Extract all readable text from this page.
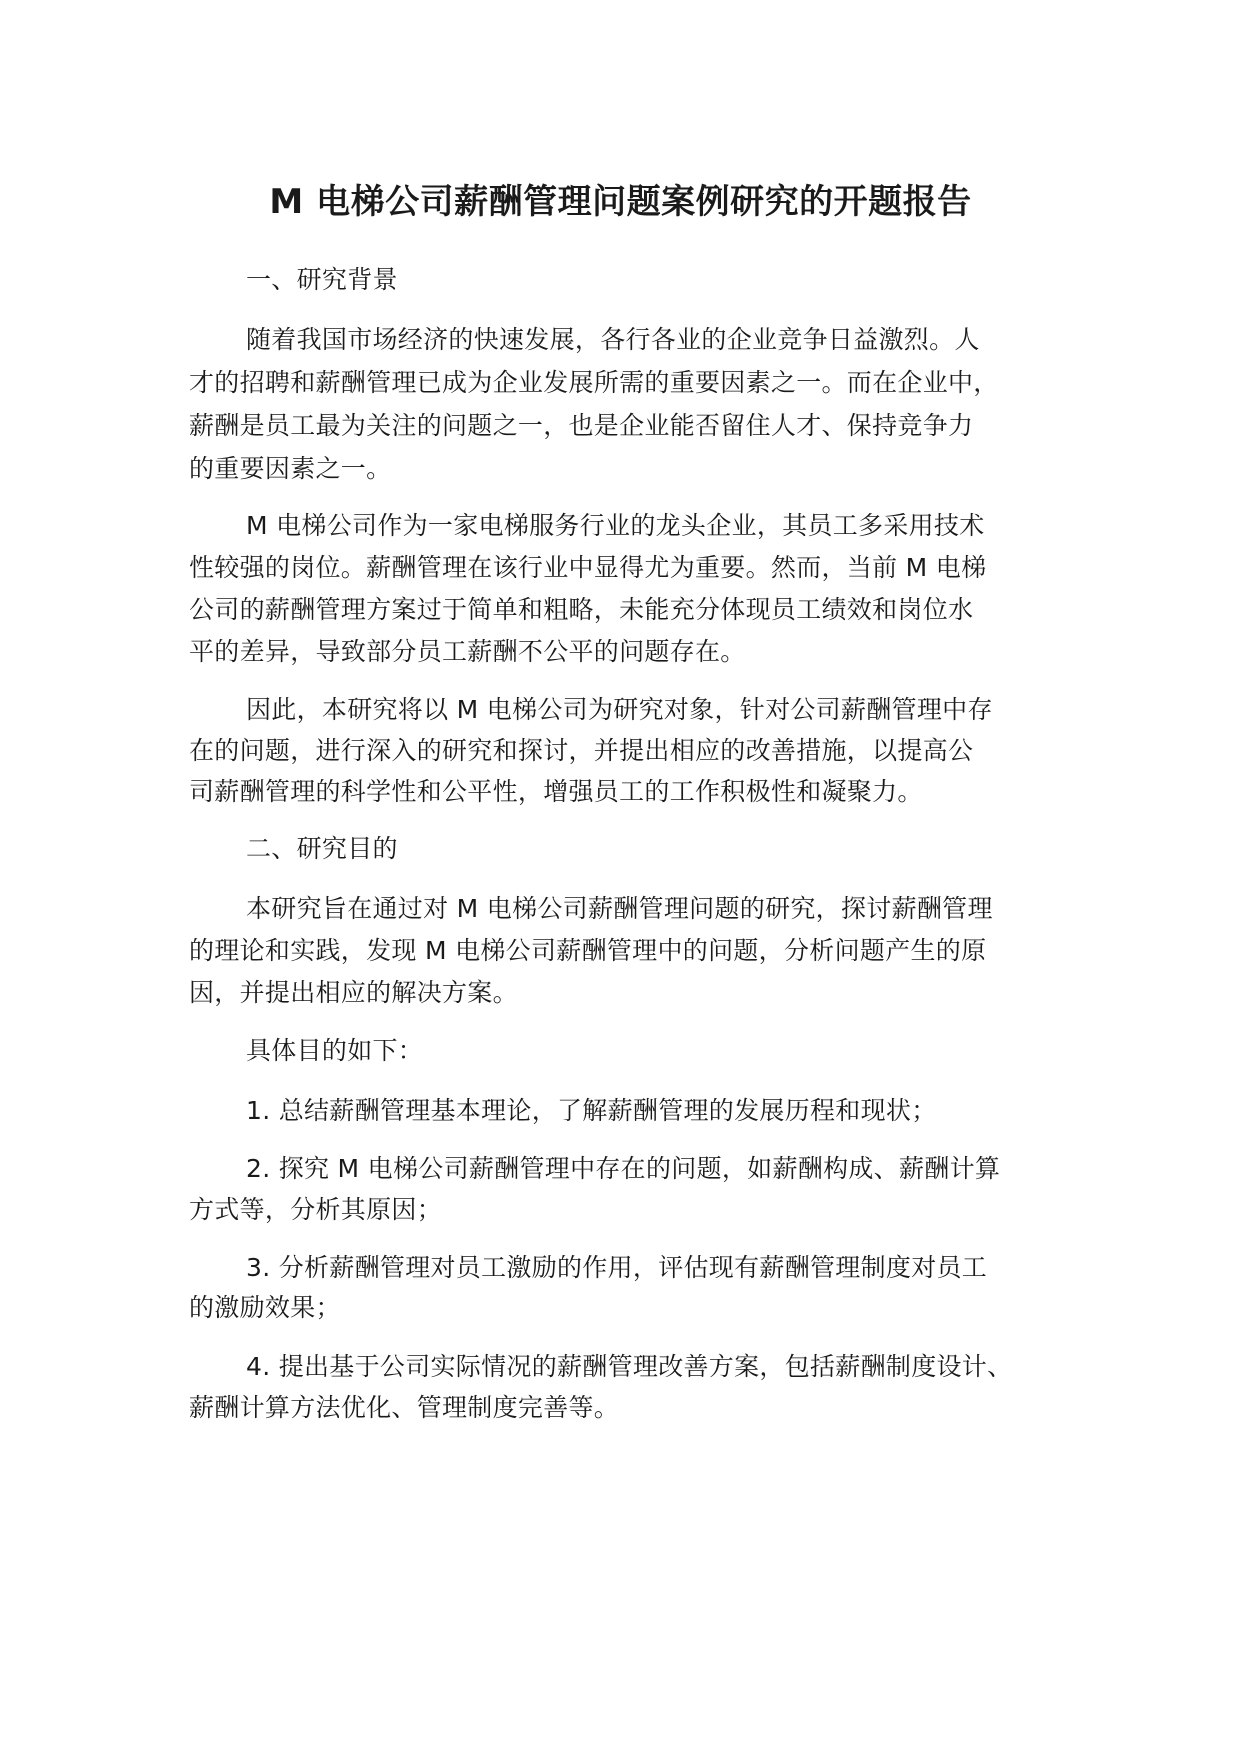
M 电梯公司薪酬管理问题案例研究的开题报告
一、研究背景
随着我国市场经济的快速发展，各行各业的企业竞争日益激烈。人
才的招聘和薪酬管理已成为企业发展所需的重要因素之一。而在企业中，
薪酬是员工最为关注的问题之一，也是企业能否留住人才、保持竞争力
的重要因素之一。
M 电梯公司作为一家电梯服务行业的龙头企业，其员工多采用技术
性较强的岗位。薪酬管理在该行业中显得尤为重要。然而，当前 M 电梯
公司的薪酬管理方案过于简单和粗略，未能充分体现员工绩效和岗位水
平的差异，导致部分员工薪酬不公平的问题存在。
因此，本研究将以 M 电梯公司为研究对象，针对公司薪酬管理中存
在的问题，进行深入的研究和探讨，并提出相应的改善措施，以提高公
司薪酬管理的科学性和公平性，增强员工的工作积极性和凝聚力。
二、研究目的
本研究旨在通过对 M 电梯公司薪酬管理问题的研究，探讨薪酬管理
的理论和实践，发现 M 电梯公司薪酬管理中的问题，分析问题产生的原
因，并提出相应的解决方案。
具体目的如下：
1. 总结薪酬管理基本理论，了解薪酬管理的发展历程和现状；
2. 探究 M 电梯公司薪酬管理中存在的问题，如薪酬构成、薪酬计算
方式等，分析其原因；
3. 分析薪酬管理对员工激励的作用，评估现有薪酬管理制度对员工
的激励效果；
4. 提出基于公司实际情况的薪酬管理改善方案，包括薪酬制度设计、
薪酬计算方法优化、管理制度完善等。
